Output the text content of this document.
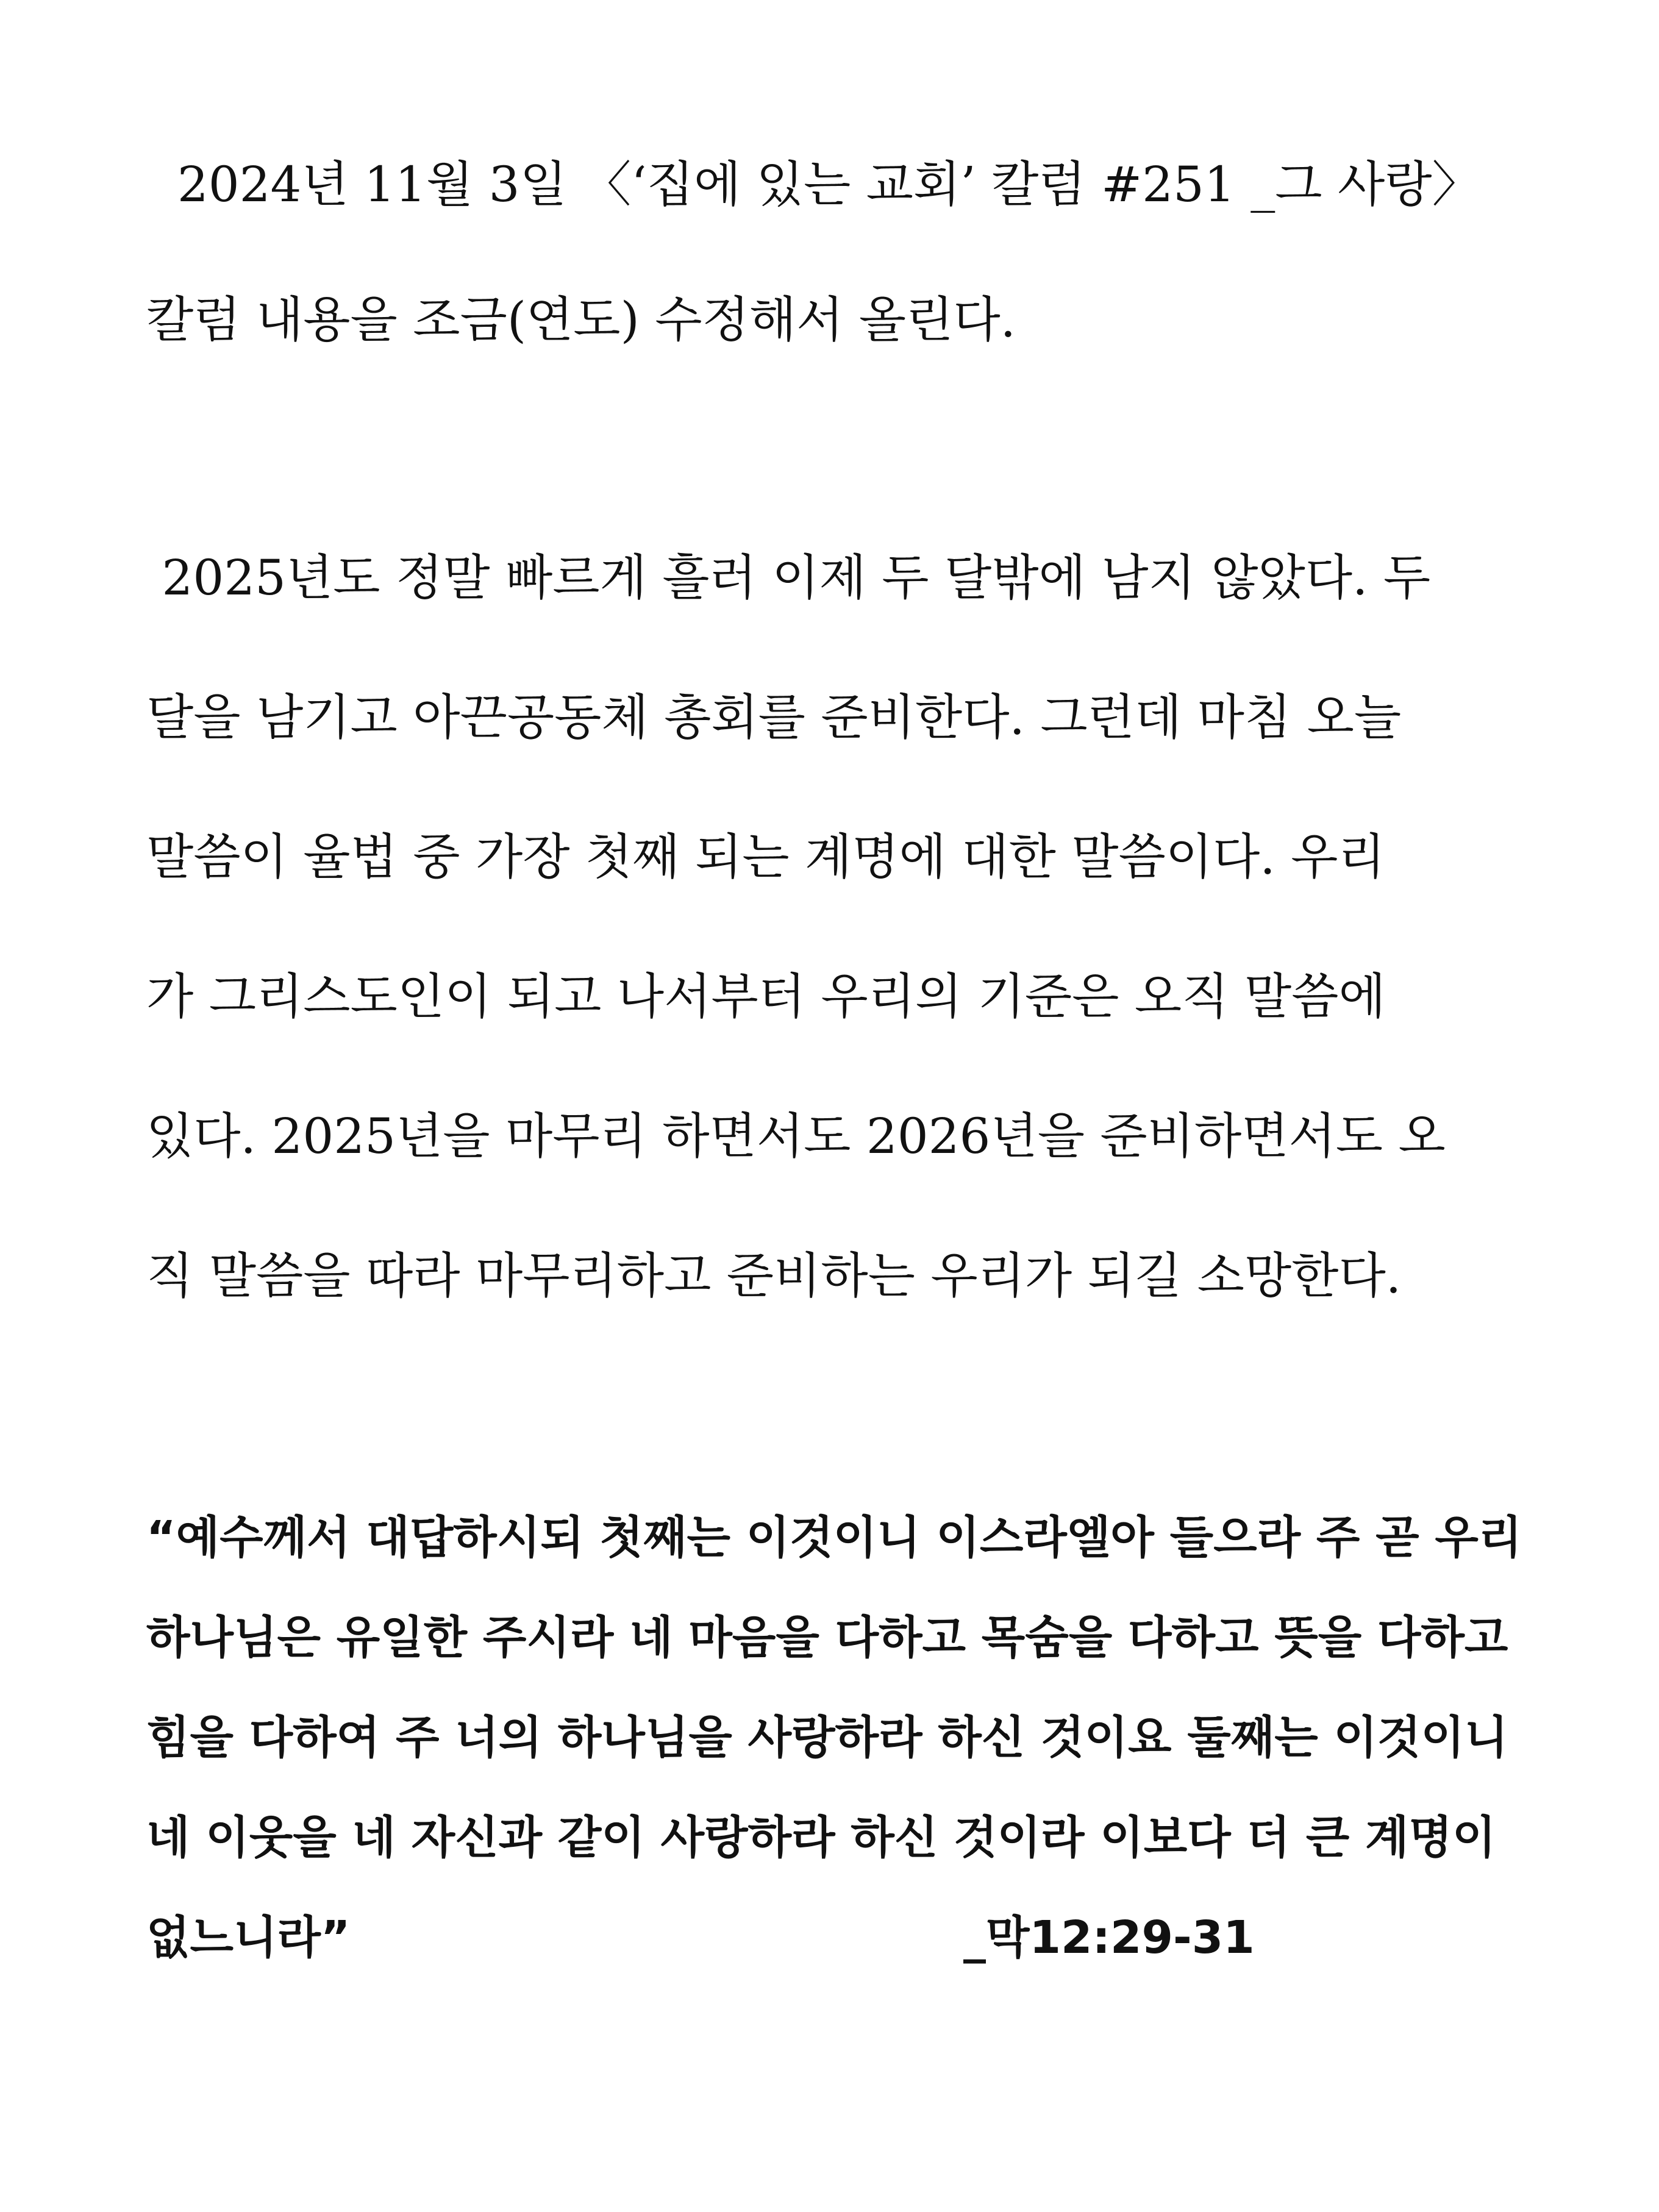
2024년 11월 3일 〈‘집에 있는 교회’ 칼럼 #251 _그 사랑〉
칼럼 내용을 조금(연도) 수정해서 올린다.
2025년도 정말 빠르게 흘러 이제 두 달밖에 남지 않았다. 두
달을 남기고 아끈공동체 총회를 준비한다. 그런데 마침 오늘
말씀이 율법 중 가장 첫째 되는 계명에 대한 말씀이다. 우리
가 그리스도인이 되고 나서부터 우리의 기준은 오직 말씀에
있다. 2025년을 마무리 하면서도 2026년을 준비하면서도 오
직 말씀을 따라 마무리하고 준비하는 우리가 되길 소망한다.
“예수께서 대답하시되 첫째는 이것이니 이스라엘아 들으라 주 곧 우리
하나님은 유일한 주시라 네 마음을 다하고 목숨을 다하고 뜻을 다하고
힘을 다하여 주 너의 하나님을 사랑하라 하신 것이요 둘째는 이것이니
네 이웃을 네 자신과 같이 사랑하라 하신 것이라 이보다 더 큰 계명이
없느니라”	_막12:29-31
